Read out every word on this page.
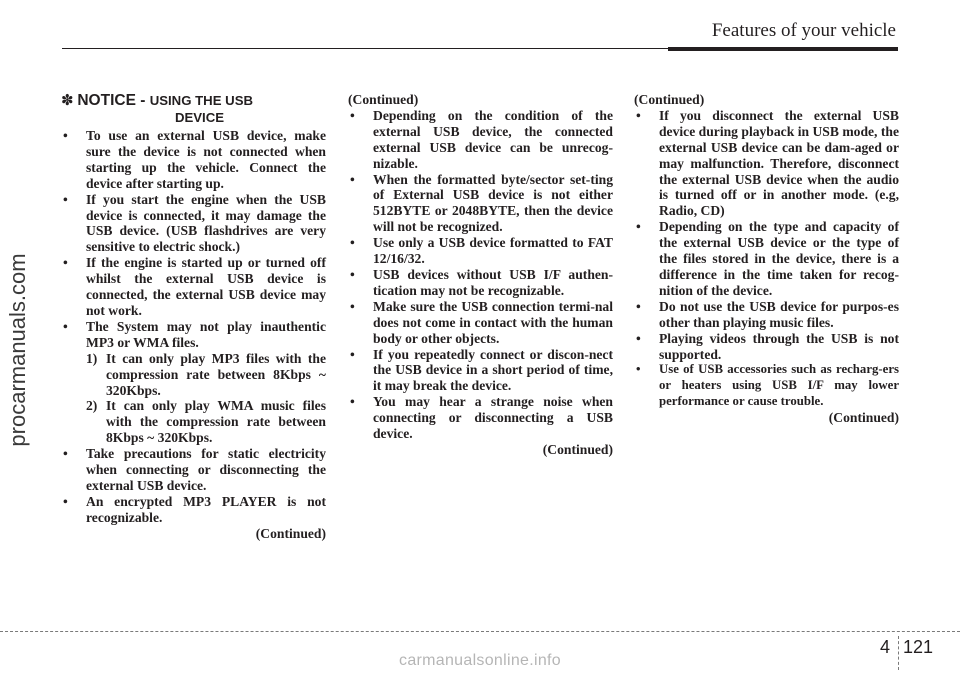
Features of your vehicle
procarmanuals.com
✽ NOTICE - USING THE USB
DEVICE
• To use an external USB device, make sure the device is not connected when starting up the vehicle. Connect the device after starting up.
• If you start the engine when the USB device is connected, it may damage the USB device. (USB flashdrives are very sensitive to electric shock.)
• If the engine is started up or turned off whilst the external USB device is connected, the external USB device may not work.
• The System may not play inauthentic MP3 or WMA files.
1) It can only play MP3 files with the compression rate between 8Kbps ~ 320Kbps.
2) It can only play WMA music files with the compression rate between 8Kbps ~ 320Kbps.
• Take precautions for static electricity when connecting or disconnecting the external USB device.
• An encrypted MP3 PLAYER is not recognizable.
(Continued)
(Continued)
• Depending on the condition of the external USB device, the connected external USB device can be unrecog-nizable.
• When the formatted byte/sector set-ting of External USB device is not either 512BYTE or 2048BYTE, then the device will not be recognized.
• Use only a USB device formatted to FAT 12/16/32.
• USB devices without USB I/F authen-tication may not be recognizable.
• Make sure the USB connection termi-nal does not come in contact with the human body or other objects.
• If you repeatedly connect or discon-nect the USB device in a short period of time, it may break the device.
• You may hear a strange noise when connecting or disconnecting a USB device.
(Continued)
(Continued)
• If you disconnect the external USB device during playback in USB mode, the external USB device can be dam-aged or may malfunction. Therefore, disconnect the external USB device when the audio is turned off or in another mode. (e.g, Radio, CD)
• Depending on the type and capacity of the external USB device or the type of the files stored in the device, there is a difference in the time taken for recog-nition of the device.
• Do not use the USB device for purpos-es other than playing music files.
• Playing videos through the USB is not supported.
• Use of USB accessories such as recharg-ers or heaters using USB I/F may lower performance or cause trouble.
(Continued)
4 121
carmanualsonline.info
